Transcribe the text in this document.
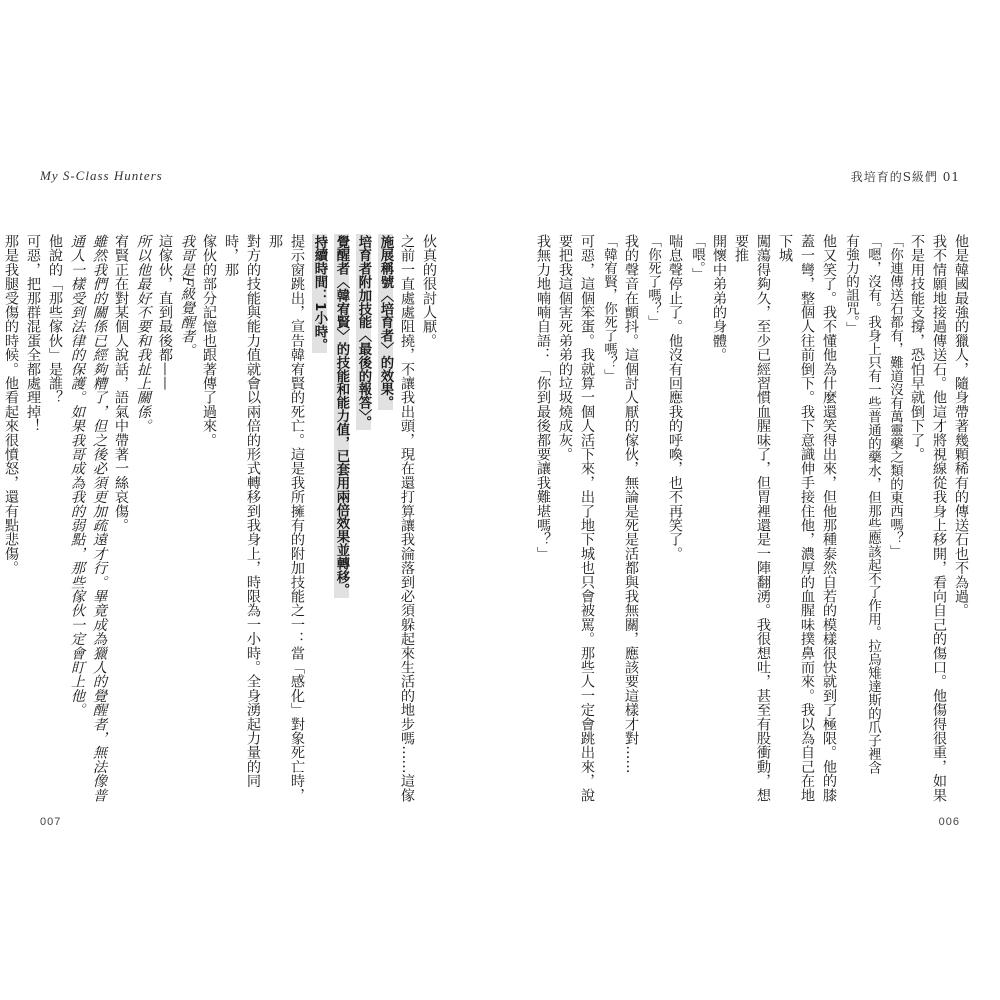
My S-Class Hunters

伙真的很討人厭。

之前一直處處阻撓，不讓我出頭，現在還打算讓我淪落到必須躲起來生活的地步嗎……這傢

施展稱號〈培育者〉的效果。

培育者附加技能〈最後的報答〉。

覺醒者〈韓宥賢〉的技能和能力值，已套用兩倍效果並轉移。

持續時間：1小時。

提示窗跳出，宣告韓宥賢的死亡。這是我所擁有的附加技能之一：當「感化」對象死亡時，那

對方的技能與能力值就會以兩倍的形式轉移到我身上，時限為一小時。全身湧起力量的同時，那

傢伙的部分記憶也跟著傳了過來。

我哥是F級覺醒者。

這傢伙，直到最後都——

所以他最好不要和我扯上關係。

宥賢正在對某個人說話，語氣中帶著一絲哀傷。

雖然我們的關係已經夠糟了，但之後必須更加疏遠才行。畢竟成為獵人的覺醒者，無法像普

通人一樣受到法律的保護。如果我哥成為我的弱點，那些傢伙一定會盯上他。

他說的「那些傢伙」是誰？

可惡，把那群混蛋全都處理掉！

那是我腿受傷的時候。他看起來很憤怒，還有點悲傷。

007
我培育的S級們 01

他是韓國最強的獵人，隨身帶著幾顆稀有的傳送石也不為過。

我不情願地接過傳送石。他這才將視線從我身上移開，看向自己的傷口。他傷得很重，如果

不是用技能支撐，恐怕早就倒下了。

「你連傳送石都有，難道沒有萬靈藥之類的東西嗎？」

「嗯，沒有。我身上只有一些普通的藥水，但那些應該起不了作用。拉烏雉達斯的爪子裡含

有強力的詛咒。」

他又笑了。我不懂他為什麼還笑得出來，但他那種泰然自若的模樣很快就到了極限。他的膝

蓋一彎，整個人往前倒下。我下意識伸手接住他，濃厚的血腥味撲鼻而來。我以為自己在地下城

闖蕩得夠久，至少已經習慣血腥味了，但胃裡還是一陣翻湧。我很想吐，甚至有股衝動，想要推

開懷中弟弟的身體。

「喂。」

喘息聲停止了。他沒有回應我的呼喚，也不再笑了。

「你死了嗎？」

我的聲音在顫抖。這個討人厭的傢伙，無論是死是活都與我無關，應該要這樣才對……

「韓宥賢，你死了嗎？」

可惡，這個笨蛋。我就算一個人活下來，出了地下城也只會被罵。那些人一定會跳出來，說

要把我這個害死弟弟的垃圾燒成灰。

我無力地喃喃自語：「你到最後都要讓我難堪嗎？」

006
